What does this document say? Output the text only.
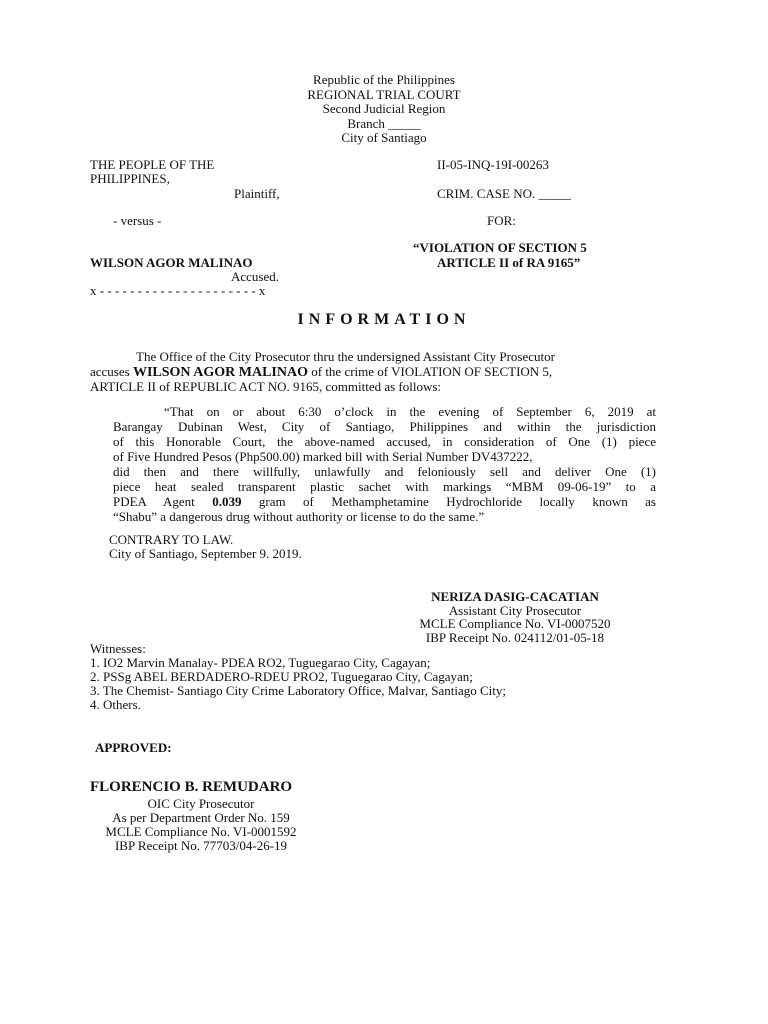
Republic of the Philippines
REGIONAL TRIAL COURT
Second Judicial Region
Branch _____
City of Santiago
THE PEOPLE OF THE
PHILIPPINES,
Plaintiff,
II-05-INQ-19I-00263
CRIM. CASE NO. _____
- versus -	FOR:
“VIOLATION OF SECTION 5
ARTICLE II of RA 9165”
WILSON AGOR MALINAO
Accused.
x - - - - - - - - - - - - - - - - - - - - - x
INFORMATION
The Office of the City Prosecutor thru the undersigned Assistant City Prosecutor
accuses WILSON AGOR MALINAO of the crime of VIOLATION OF SECTION 5,
ARTICLE II of REPUBLIC ACT NO. 9165, committed as follows:
“That on or about 6:30 o’clock in the evening of September 6, 2019 at
Barangay Dubinan West, City of Santiago, Philippines and within the jurisdiction
of this Honorable Court, the above-named accused, in consideration of One (1) piece
of Five Hundred Pesos (Php500.00) marked bill with Serial Number DV437222,
did then and there willfully, unlawfully and feloniously sell and deliver One (1)
piece heat sealed transparent plastic sachet with markings “MBM 09-06-19” to a
PDEA Agent 0.039 gram of Methamphetamine Hydrochloride locally known as
“Shabu” a dangerous drug without authority or license to do the same.”
CONTRARY TO LAW.
City of Santiago, September 9. 2019.
NERIZA DASIG-CACATIAN
Assistant City Prosecutor
MCLE Compliance No. VI-0007520
IBP Receipt No. 024112/01-05-18
Witnesses:
1. IO2 Marvin Manalay- PDEA RO2, Tuguegarao City, Cagayan;
2. PSSg ABEL BERDADERO-RDEU PRO2, Tuguegarao City, Cagayan;
3. The Chemist- Santiago City Crime Laboratory Office, Malvar, Santiago City;
4. Others.
APPROVED:
FLORENCIO B. REMUDARO
OIC City Prosecutor
As per Department Order No. 159
MCLE Compliance No. VI-0001592
IBP Receipt No. 77703/04-26-19
